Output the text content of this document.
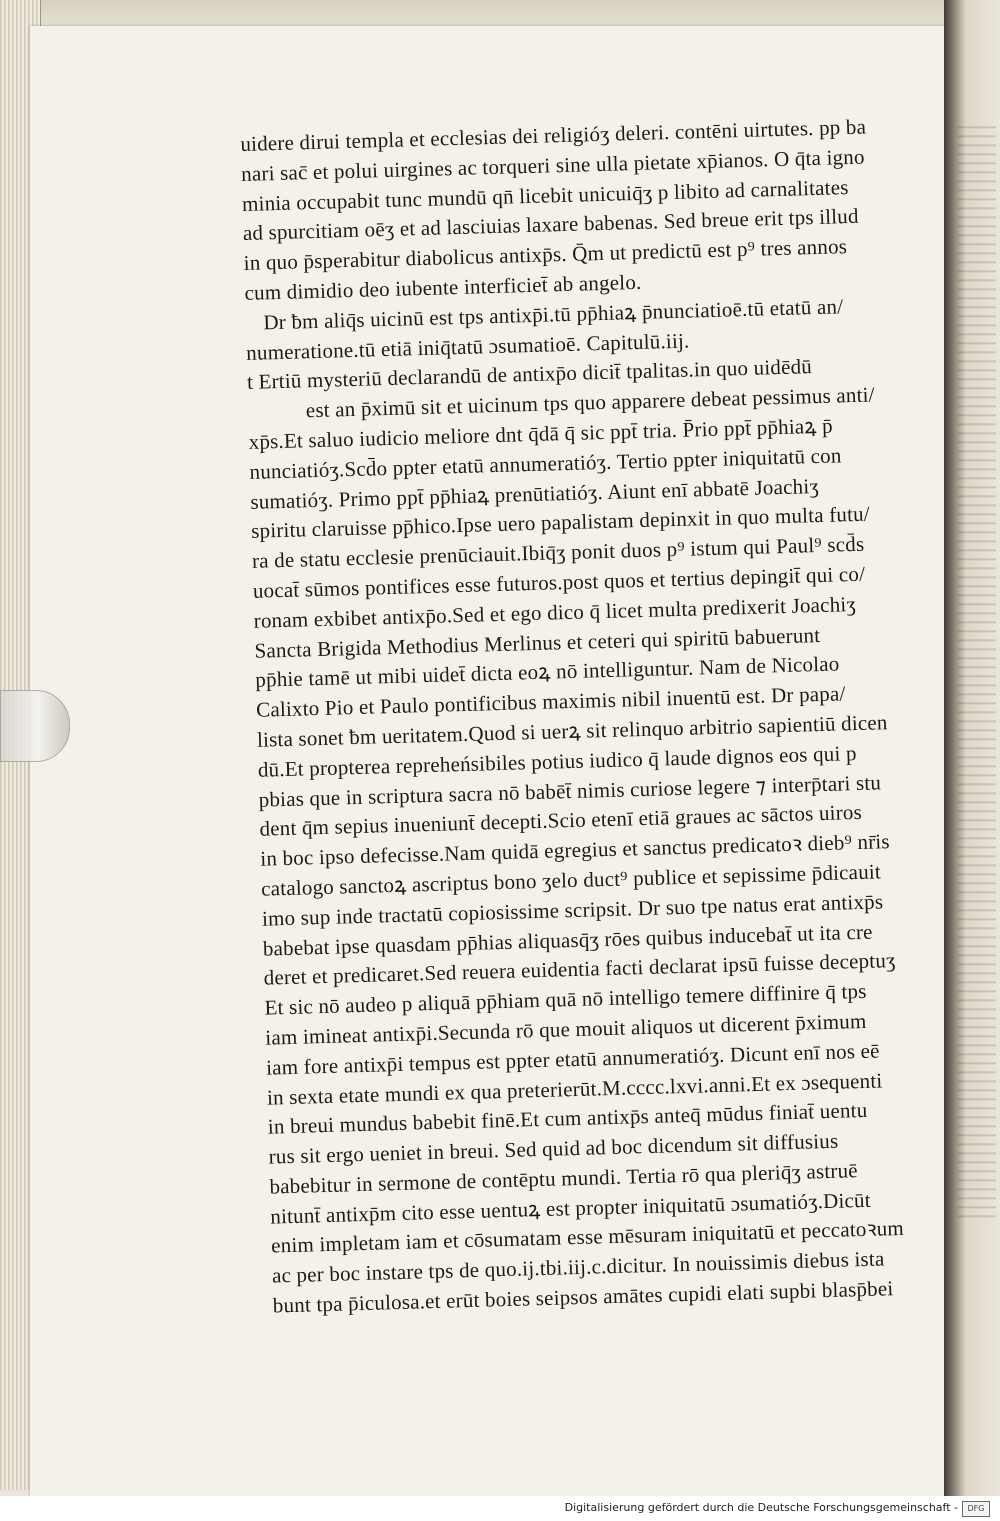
uidere dirui templa et ecclesias dei religióʒ deleri. contēni uirtutes. pp ba
nari sac̄ et polui uirgines ac torqueri sine ulla pietate xp̄ianos. O q̄ta igno
minia occupabit tunc mundū qn̄ licebit unicuiq̄ʒ p libito ad carnalitates
ad spurcitiam oēʒ et ad lasciuias laxare babenas. Sed breue erit tps illud
in quo p̄sperabitur diabolicus antixp̄s. Q̄m ut predictū est p⁹ tres annos
cum dimidio deo iubente interficiet̄ ab angelo.
Dr ƀm aliq̄s uicinū est tps antixp̄i.tū pp̄hiaꝝ p̄nunciatioē.tū etatū an/
numeratione.tū etiā iniq̄tatū ɔsumatioē. Capitulū.iij.
t Ertiū mysteriū declarandū de antixp̄o dicit̄ tpalitas.in quo uidēdū
est an p̄ximū sit et uicinum tps quo apparere debeat pessimus anti/
xp̄s.Et saluo iudicio meliore dnt q̄dā q̄ sic ppt̄ tria. P̄rio ppt̄ pp̄hiaꝝ p̄
nunciatióʒ.Scd̄o ppter etatū annumeratióʒ. Tertio ppter iniquitatū con
sumatióʒ. Primo ppt̄ pp̄hiaꝝ prenūtiatióʒ. Aiunt enī abbatē Joachiʒ
spiritu claruisse pp̄hico.Ipse uero papalistam depinxit in quo multa futu/
ra de statu ecclesie prenūciauit.Ibiq̄ʒ ponit duos p⁹ istum qui Paul⁹ scd̄s
uocat̄ sūmos pontifices esse futuros.post quos et tertius depingit̄ qui co/
ronam exbibet antixp̄o.Sed et ego dico q̄ licet multa predixerit Joachiʒ
Sancta Brigida Methodius Merlinus et ceteri qui spiritū babuerunt
pp̄hie tamē ut mibi uidet̄ dicta eoꝝ nō intelliguntur. Nam de Nicolao
Calixto Pio et Paulo pontificibus maximis nibil inuentū est. Dr papa/
lista sonet ƀm ueritatem.Quod si uerꝝ sit relinquo arbitrio sapientiū dicen
dū.Et propterea repreheńsibiles potius iudico q̄ laude dignos eos qui p
pbias que in scriptura sacra nō babēt̄ nimis curiose legere ⁊ interp̄tari stu
dent q̄m sepius inueniunt̄ decepti.Scio etenī etiā graues ac sāctos uiros
in boc ipso defecisse.Nam quidā egregius et sanctus predicatoꝛ dieb⁹ nr̄is
catalogo sanctoꝝ ascriptus bono ʒelo duct⁹ publice et sepissime p̄dicauit
imo sup inde tractatū copiosissime scripsit. Dr suo tpe natus erat antixp̄s
babebat ipse quasdam pp̄hias aliquasq̄ʒ rōes quibus inducebat̄ ut ita cre
deret et predicaret.Sed reuera euidentia facti declarat ipsū fuisse deceptuʒ
Et sic nō audeo p aliquā pp̄hiam quā nō intelligo temere diffinire q̄ tps
iam imineat antixp̄i.Secunda rō que mouit aliquos ut dicerent p̄ximum
iam fore antixp̄i tempus est ppter etatū annumeratióʒ. Dicunt enī nos eē
in sexta etate mundi ex qua preterierūt.M.cccc.lxvi.anni.Et ex ɔsequenti
in breui mundus babebit finē.Et cum antixp̄s anteq̄ mūdus finiat̄ uentu
rus sit ergo ueniet in breui. Sed quid ad boc dicendum sit diffusius
babebitur in sermone de contēptu mundi. Tertia rō qua pleriq̄ʒ astruē
nitunt̄ antixp̄m cito esse uentuꝝ est propter iniquitatū ɔsumatióʒ.Dicūt
enim impletam iam et cōsumatam esse mēsuram iniquitatū et peccatoꝛum
ac per boc instare tps de quo.ij.tbi.iij.c.dicitur. In nouissimis diebus ista
bunt tpa p̄iculosa.et erūt boies seipsos amātes cupidi elati supbi blasp̄bei
Digitalisierung gefördert durch die Deutsche Forschungsgemeinschaft -	DFG
